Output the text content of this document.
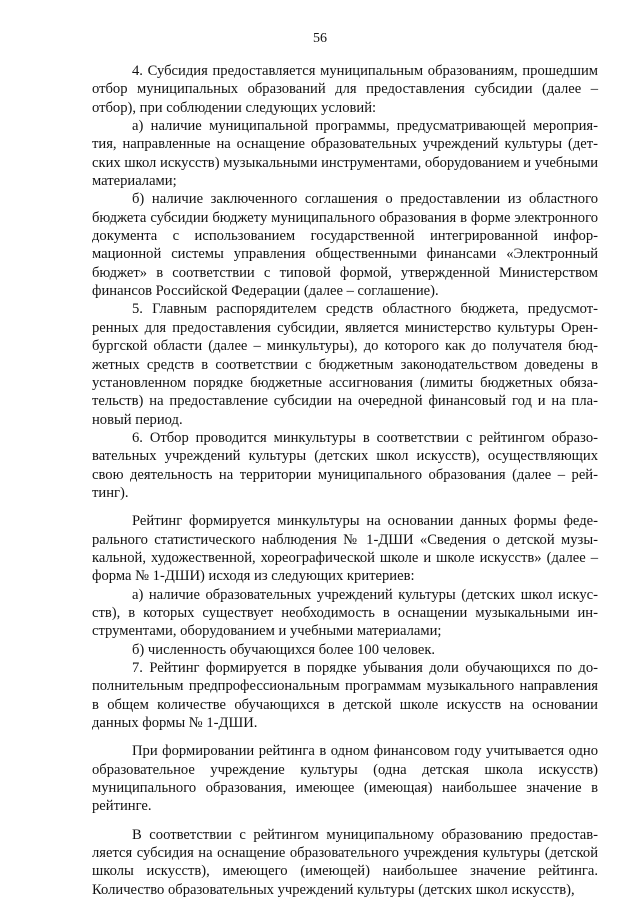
56

4. Субсидия предоставляется муниципальным образованиям, прошедшим отбор муниципальных образований для предоставления субсидии (далее – отбор), при соблюдении следующих условий:

а) наличие муниципальной программы, предусматривающей мероприятия, направленные на оснащение образовательных учреждений культуры (детских школ искусств) музыкальными инструментами, оборудованием и учебными материалами;

б) наличие заключенного соглашения о предоставлении из областного бюджета субсидии бюджету муниципального образования в форме электронного документа с использованием государственной интегрированной информационной системы управления общественными финансами «Электронный бюджет» в соответствии с типовой формой, утвержденной Министерством финансов Российской Федерации (далее – соглашение).

5. Главным распорядителем средств областного бюджета, предусмотренных для предоставления субсидии, является министерство культуры Оренбургской области (далее – минкультуры), до которого как до получателя бюджетных средств в соответствии с бюджетным законодательством доведены в установленном порядке бюджетные ассигнования (лимиты бюджетных обязательств) на предоставление субсидии на очередной финансовый год и на плановый период.

6. Отбор проводится минкультуры в соответствии с рейтингом образовательных учреждений культуры (детских школ искусств), осуществляющих свою деятельность на территории муниципального образования (далее – рейтинг).

Рейтинг формируется минкультуры на основании данных формы федерального статистического наблюдения № 1-ДШИ «Сведения о детской музыкальной, художественной, хореографической школе и школе искусств» (далее – форма № 1-ДШИ) исходя из следующих критериев:

а) наличие образовательных учреждений культуры (детских школ искусств), в которых существует необходимость в оснащении музыкальными инструментами, оборудованием и учебными материалами;

б) численность обучающихся более 100 человек.

7. Рейтинг формируется в порядке убывания доли обучающихся по дополнительным предпрофессиональным программам музыкального направления в общем количестве обучающихся в детской школе искусств на основании данных формы № 1-ДШИ.

При формировании рейтинга в одном финансовом году учитывается одно образовательное учреждение культуры (одна детская школа искусств) муниципального образования, имеющее (имеющая) наибольшее значение в рейтинге.

В соответствии с рейтингом муниципальному образованию предоставляется субсидия на оснащение образовательного учреждения культуры (детской школы искусств), имеющего (имеющей) наибольшее значение рейтинга. Количество образовательных учреждений культуры (детских школ искусств),
